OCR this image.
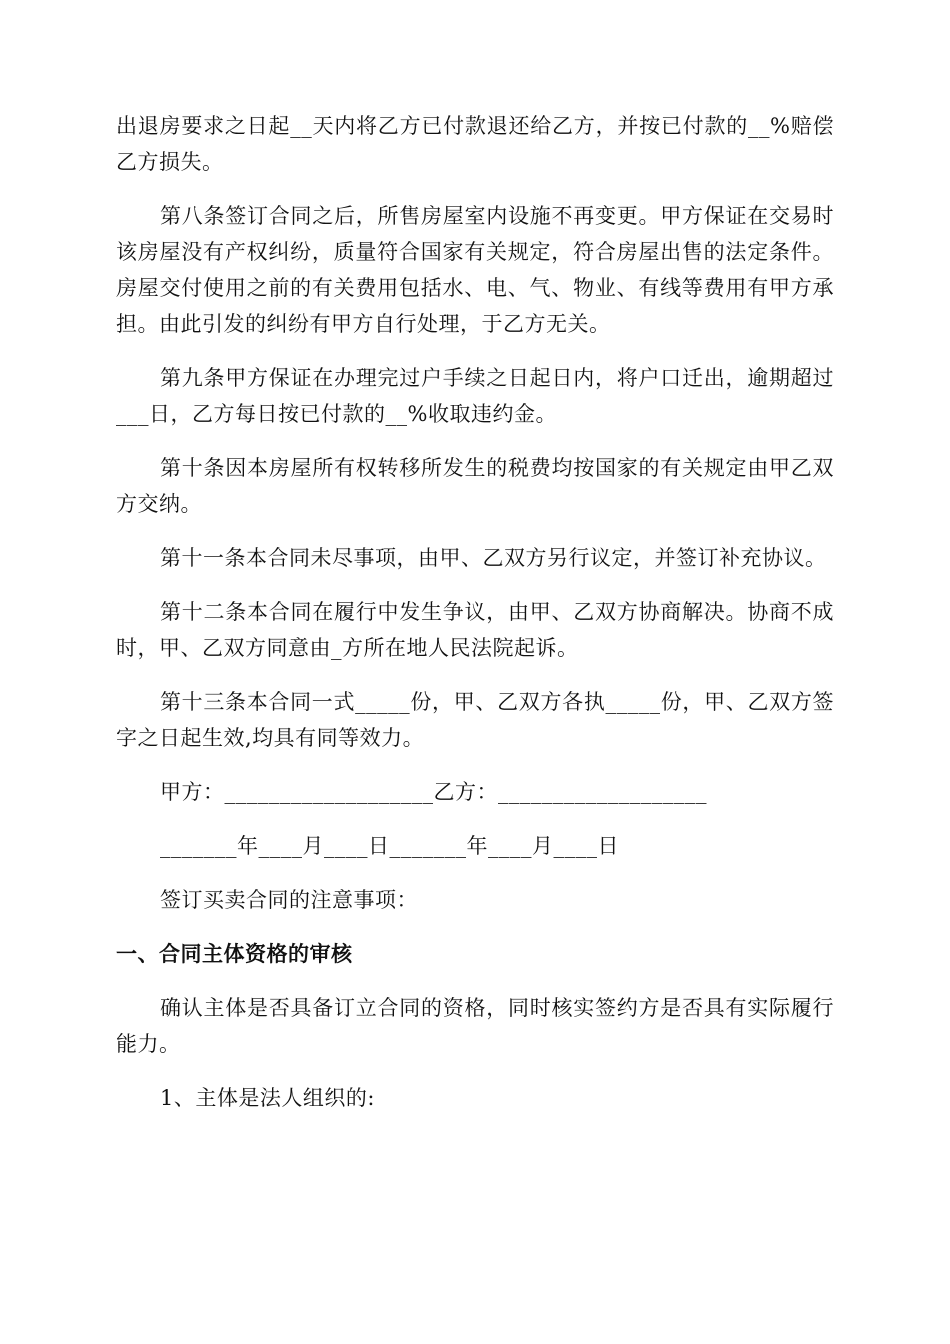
出退房要求之日起__天内将乙方已付款退还给乙方，并按已付款的__%赔偿乙方损失。

第八条签订合同之后，所售房屋室内设施不再变更。甲方保证在交易时该房屋没有产权纠纷，质量符合国家有关规定，符合房屋出售的法定条件。房屋交付使用之前的有关费用包括水、电、气、物业、有线等费用有甲方承担。由此引发的纠纷有甲方自行处理，于乙方无关。

第九条甲方保证在办理完过户手续之日起日内，将户口迁出，逾期超过___日，乙方每日按已付款的__%收取违约金。

第十条因本房屋所有权转移所发生的税费均按国家的有关规定由甲乙双方交纳。

第十一条本合同未尽事项，由甲、乙双方另行议定，并签订补充协议。

第十二条本合同在履行中发生争议，由甲、乙双方协商解决。协商不成时，甲、乙双方同意由_方所在地人民法院起诉。

第十三条本合同一式_____份，甲、乙双方各执_____份，甲、乙双方签字之日起生效,均具有同等效力。

甲方：___________________乙方：___________________

_______年____月____日_______年____月____日

签订买卖合同的注意事项：

一、合同主体资格的审核

确认主体是否具备订立合同的资格，同时核实签约方是否具有实际履行能力。

1、主体是法人组织的:
